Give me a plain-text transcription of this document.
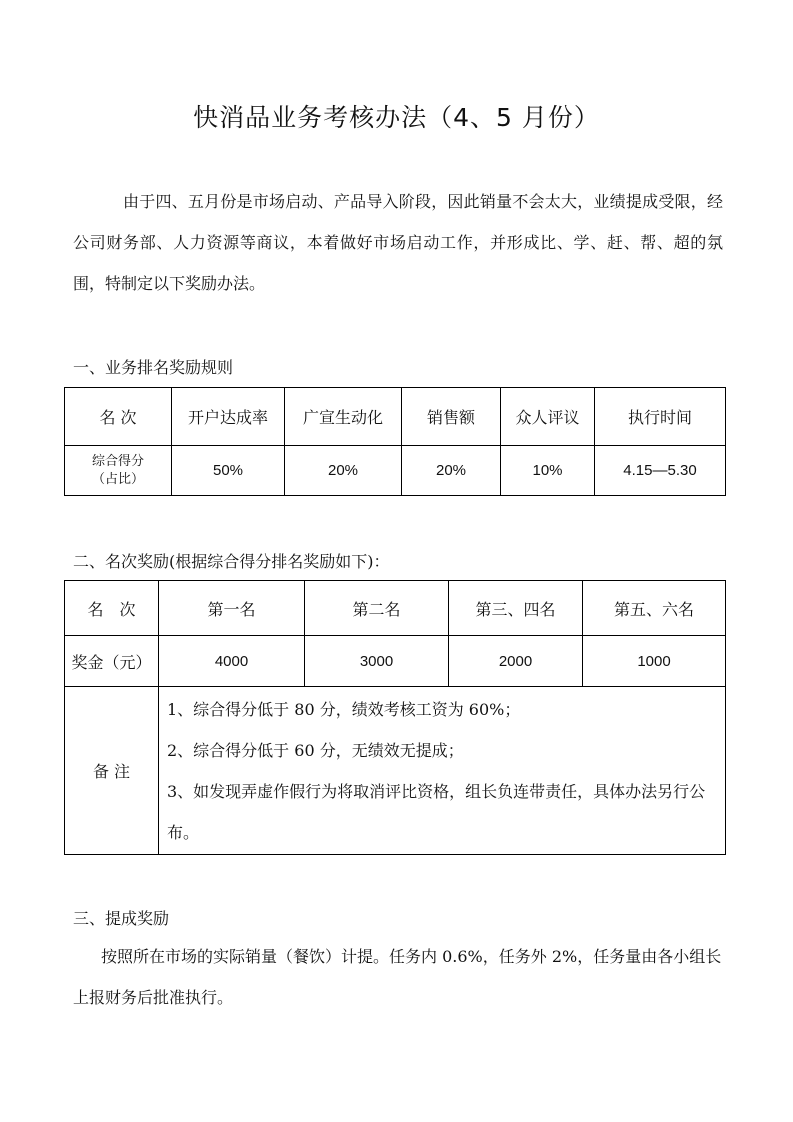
快消品业务考核办法（4、5 月份）
由于四、五月份是市场启动、产品导入阶段，因此销量不会太大，业绩提成受限，经公司财务部、人力资源等商议，本着做好市场启动工作，并形成比、学、赶、帮、超的氛围，特制定以下奖励办法。
一、业务排名奖励规则
名 次	开户达成率	广宣生动化	销售额	众人评议	执行时间

综合得分
（占比）	50%	20%	20%	10%	4.15—5.30
二、名次奖励(根据综合得分排名奖励如下)：
名　次	第一名	第二名	第三、四名	第五、六名
奖金（元）	4000	3000	2000	1000
备 注	1、综合得分低于 80 分，绩效考核工资为 60%；
2、综合得分低于 60 分，无绩效无提成；
3、如发现弄虚作假行为将取消评比资格，组长负连带责任，具体办法另行公布。			
三、提成奖励
按照所在市场的实际销量（餐饮）计提。任务内 0.6%，任务外 2%，任务量由各小组长上报财务后批准执行。
